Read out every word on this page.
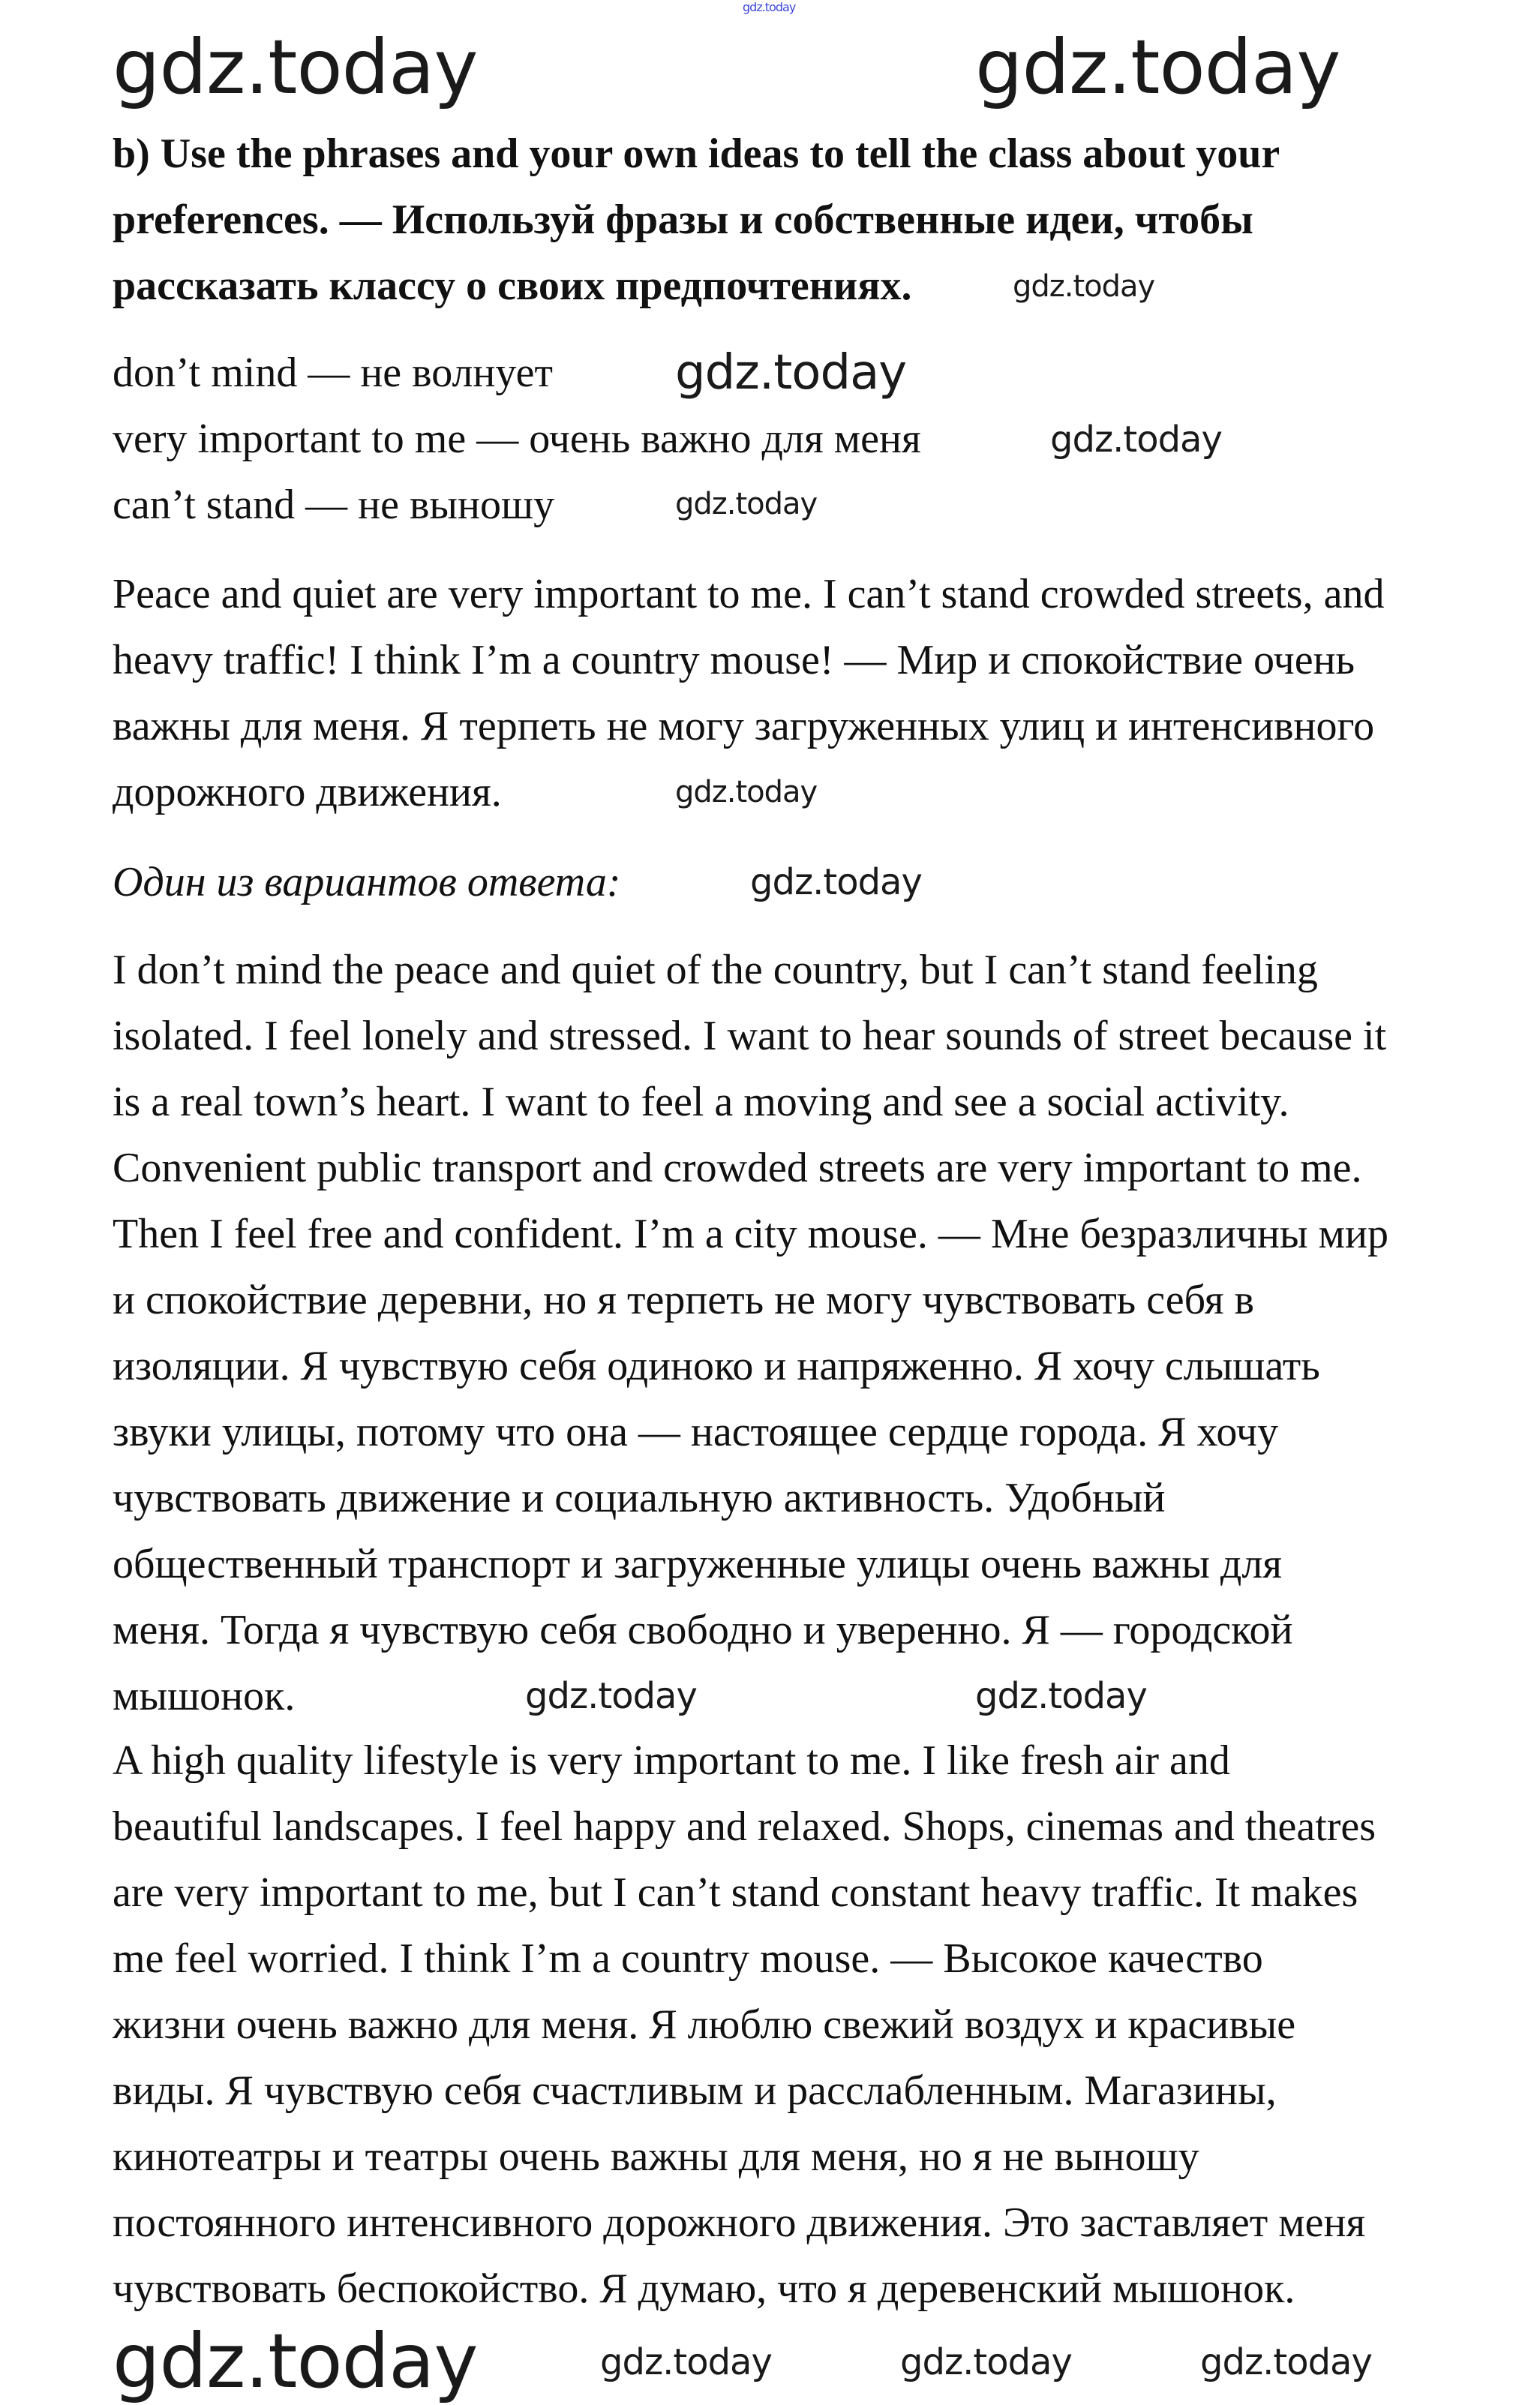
b) Use the phrases and your own ideas to tell the class about your
preferences. — Используй фразы и собственные идеи, чтобы
рассказать классу о своих предпочтениях.
don’t mind — не волнует
very important to me — очень важно для меня
can’t stand — не выношу
Peace and quiet are very important to me. I can’t stand crowded streets, and
heavy traffic! I think I’m a country mouse! — Мир и спокойствие очень
важны для меня. Я терпеть не могу загруженных улиц и интенсивного
дорожного движения.
Один из вариантов ответа:
I don’t mind the peace and quiet of the country, but I can’t stand feeling
isolated. I feel lonely and stressed. I want to hear sounds of street because it
is a real town’s heart. I want to feel a moving and see a social activity.
Convenient public transport and crowded streets are very important to me.
Then I feel free and confident. I’m a city mouse. — Мне безразличны мир
и спокойствие деревни, но я терпеть не могу чувствовать себя в
изоляции. Я чувствую себя одиноко и напряженно. Я хочу слышать
звуки улицы, потому что она — настоящее сердце города. Я хочу
чувствовать движение и социальную активность. Удобный
общественный транспорт и загруженные улицы очень важны для
меня. Тогда я чувствую себя свободно и уверенно. Я — городской
мышонок.
A high quality lifestyle is very important to me. I like fresh air and
beautiful landscapes. I feel happy and relaxed. Shops, cinemas and theatres
are very important to me, but I can’t stand constant heavy traffic. It makes
me feel worried. I think I’m a country mouse. — Высокое качество
жизни очень важно для меня. Я люблю свежий воздух и красивые
виды. Я чувствую себя счастливым и расслабленным. Магазины,
кинотеатры и театры очень важны для меня, но я не выношу
постоянного интенсивного дорожного движения. Это заставляет меня
чувствовать беспокойство. Я думаю, что я деревенский мышонок.
gdz.today
gdz.today	gdz.today
gdz.today
gdz.today
gdz.today
gdz.today
gdz.today
gdz.today
gdz.today	gdz.today
gdz.today	gdz.today	gdz.today	gdz.today
